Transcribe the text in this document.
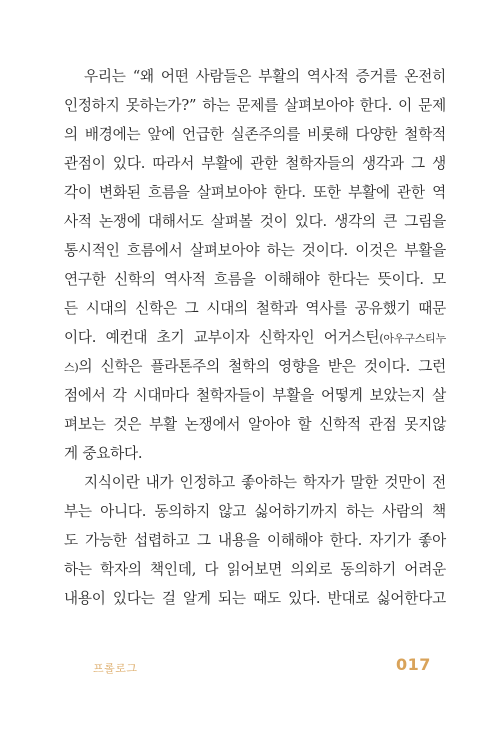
우리는 “왜 어떤 사람들은 부활의 역사적 증거를 온전히
인정하지 못하는가?” 하는 문제를 살펴보아야 한다. 이 문제
의 배경에는 앞에 언급한 실존주의를 비롯해 다양한 철학적
관점이 있다. 따라서 부활에 관한 철학자들의 생각과 그 생
각이 변화된 흐름을 살펴보아야 한다. 또한 부활에 관한 역
사적 논쟁에 대해서도 살펴볼 것이 있다. 생각의 큰 그림을
통시적인 흐름에서 살펴보아야 하는 것이다. 이것은 부활을
연구한 신학의 역사적 흐름을 이해해야 한다는 뜻이다. 모
든 시대의 신학은 그 시대의 철학과 역사를 공유했기 때문
이다. 예컨대 초기 교부이자 신학자인 어거스틴(아우구스티누
스)의 신학은 플라톤주의 철학의 영향을 받은 것이다. 그런
점에서 각 시대마다 철학자들이 부활을 어떻게 보았는지 살
펴보는 것은 부활 논쟁에서 알아야 할 신학적 관점 못지않
게 중요하다.
지식이란 내가 인정하고 좋아하는 학자가 말한 것만이 전
부는 아니다. 동의하지 않고 싫어하기까지 하는 사람의 책
도 가능한 섭렵하고 그 내용을 이해해야 한다. 자기가 좋아
하는 학자의 책인데, 다 읽어보면 의외로 동의하기 어려운
내용이 있다는 걸 알게 되는 때도 있다. 반대로 싫어한다고
프롤로그	017
